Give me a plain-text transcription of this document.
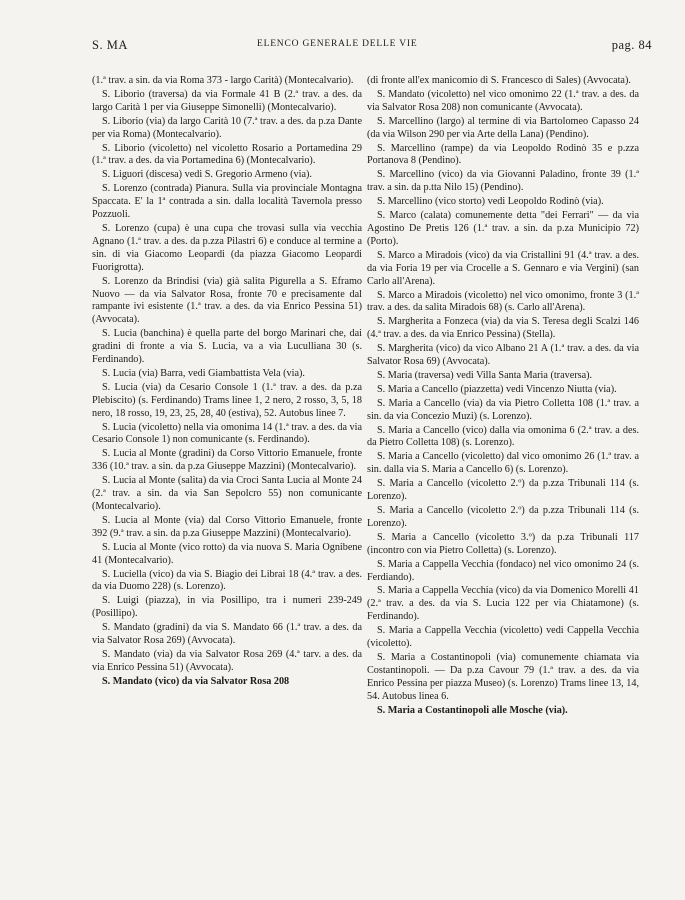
S. MA	ELENCO GENERALE DELLE VIE	pag. 84

(1.ª trav. a sin. da via Roma 373 - largo Carità) (Montecalvario).

S. Liborio (traversa) da via Formale 41 B (2.ª trav. a des. da largo Carità 1 per via Giuseppe Simonelli) (Montecalvario).

S. Liborio (via) da largo Carità 10 (7.ª trav. a des. da p.za Dante per via Roma) (Montecalvario).

S. Liborio (vicoletto) nel vicoletto Rosario a Portamedina 29 (1.ª trav. a des. da via Portamedina 6) (Montecalvario).

S. Liguori (discesa) vedi S. Gregorio Armeno (via).

S. Lorenzo (contrada) Pianura. Sulla via provinciale Montagna Spaccata. E' la 1ª contrada a sin. dalla località Tavernola presso Pozzuoli.

S. Lorenzo (cupa) è una cupa che trovasi sulla via vecchia Agnano (1.ª trav. a des. da p.zza Pilastri 6) e conduce al termine a sin. di via Giacomo Leopardi (da piazza Giacomo Leopardi Fuorigrotta).

S. Lorenzo da Brindisi (via) già salita Pigurella a S. Eframo Nuovo — da via Salvator Rosa, fronte 70 e precisamente dal rampante ivi esistente (1.ª trav. a des. da via Enrico Pessina 51) (Avvocata).

S. Lucia (banchina) è quella parte del borgo Marinari che, dai gradini di fronte a via S. Lucia, va a via Luculliana 30 (s. Ferdinando).

S. Lucia (via) Barra, vedi Giambattista Vela (via).

S. Lucia (via) da Cesario Console 1 (1.ª trav. a des. da p.za Plebiscito) (s. Ferdinando) Trams linee 1, 2 nero, 2 rosso, 3, 5, 18 nero, 18 rosso, 19, 23, 25, 28, 40 (estiva), 52. Autobus linee 7.

S. Lucia (vicoletto) nella via omonima 14 (1.ª trav. a des. da via Cesario Console 1) non comunicante (s. Ferdinando).

S. Lucia al Monte (gradini) da Corso Vittorio Emanuele, fronte 336 (10.ª trav. a sin. da p.za Giuseppe Mazzini) (Montecalvario).

S. Lucia al Monte (salita) da via Croci Santa Lucia al Monte 24 (2.ª trav. a sin. da via San Sepolcro 55) non comunicante (Montecalvario).

S. Lucia al Monte (via) dal Corso Vittorio Emanuele, fronte 392 (9.ª trav. a sin. da p.za Giuseppe Mazzini) (Montecalvario).

S. Lucia al Monte (vico rotto) da via nuova S. Maria Ognibene 41 (Montecalvario).

S. Luciella (vico) da via S. Biagio dei Librai 18 (4.ª trav. a des. da via Duomo 228) (s. Lorenzo).

S. Luigi (piazza), in via Posillipo, tra i numeri 239-249 (Posillipo).

S. Mandato (gradini) da via S. Mandato 66 (1.ª trav. a des. da via Salvator Rosa 269) (Avvocata).

S. Mandato (via) da via Salvator Rosa 269 (4.ª tarv. a des. da via Enrico Pessina 51) (Avvocata).

S. Mandato (vico) da via Salvator Rosa 208

(di fronte all'ex manicomio di S. Francesco di Sales) (Avvocata).

S. Mandato (vicoletto) nel vico omonimo 22 (1.ª trav. a des. da via Salvator Rosa 208) non comunicante (Avvocata).

S. Marcellino (largo) al termine di via Bartolomeo Capasso 24 (da via Wilson 290 per via Arte della Lana) (Pendino).

S. Marcellino (rampe) da via Leopoldo Rodinò 35 e p.zza Portanova 8 (Pendino).

S. Marcellino (vico) da via Giovanni Paladino, fronte 39 (1.ª trav. a sin. da p.tta Nilo 15) (Pendino).

S. Marcellino (vico storto) vedi Leopoldo Rodinò (via).

S. Marco (calata) comunemente detta "dei Ferrari" — da via Agostino De Pretis 126 (1.ª trav. a sin. da p.za Municipio 72) (Porto).

S. Marco a Miradois (vico) da via Cristallini 91 (4.ª trav. a des. da via Foria 19 per via Crocelle a S. Gennaro e via Vergini) (san Carlo all'Arena).

S. Marco a Miradois (vicoletto) nel vico omonimo, fronte 3 (1.ª trav. a des. da salita Miradois 68) (s. Carlo all'Arena).

S. Margherita a Fonzeca (via) da via S. Teresa degli Scalzi 146 (4.ª trav. a des. da via Enrico Pessina) (Stella).

S. Margherita (vico) da vico Albano 21 A (1.ª trav. a des. da via Salvator Rosa 69) (Avvocata).

S. Maria (traversa) vedi Villa Santa Maria (traversa).

S. Maria a Cancello (piazzetta) vedi Vincenzo Niutta (via).

S. Maria a Cancello (via) da via Pietro Colletta 108 (1.ª trav. a sin. da via Concezio Muzi) (s. Lorenzo).

S. Maria a Cancello (vico) dalla via omonima 6 (2.ª trav. a des. da Pietro Colletta 108) (s. Lorenzo).

S. Maria a Cancello (vicoletto) dal vico omonimo 26 (1.ª trav. a sin. dalla via S. Maria a Cancello 6) (s. Lorenzo).

S. Maria a Cancello (vicoletto 2.º) da p.zza Tribunali 114 (s. Lorenzo).

S. Maria a Cancello (vicoletto 2.º) da p.zza Tribunali 114 (s. Lorenzo).

S. Maria a Cancello (vicoletto 3.º) da p.za Tribunali 117 (incontro con via Pietro Colletta) (s. Lorenzo).

S. Maria a Cappella Vecchia (fondaco) nel vico omonimo 24 (s. Ferdiando).

S. Maria a Cappella Vecchia (vico) da via Domenico Morelli 41 (2.ª trav. a des. da via S. Lucia 122 per via Chiatamone) (s. Ferdinando).

S. Maria a Cappella Vecchia (vicoletto) vedi Cappella Vecchia (vicoletto).

S. Maria a Costantinopoli (via) comunemente chiamata via Costantinopoli. — Da p.za Cavour 79 (1.ª trav. a des. da via Enrico Pessina per piazza Museo) (s. Lorenzo) Trams linee 13, 14, 54. Autobus linea 6.

S. Maria a Costantinopoli alle Mosche (via).
